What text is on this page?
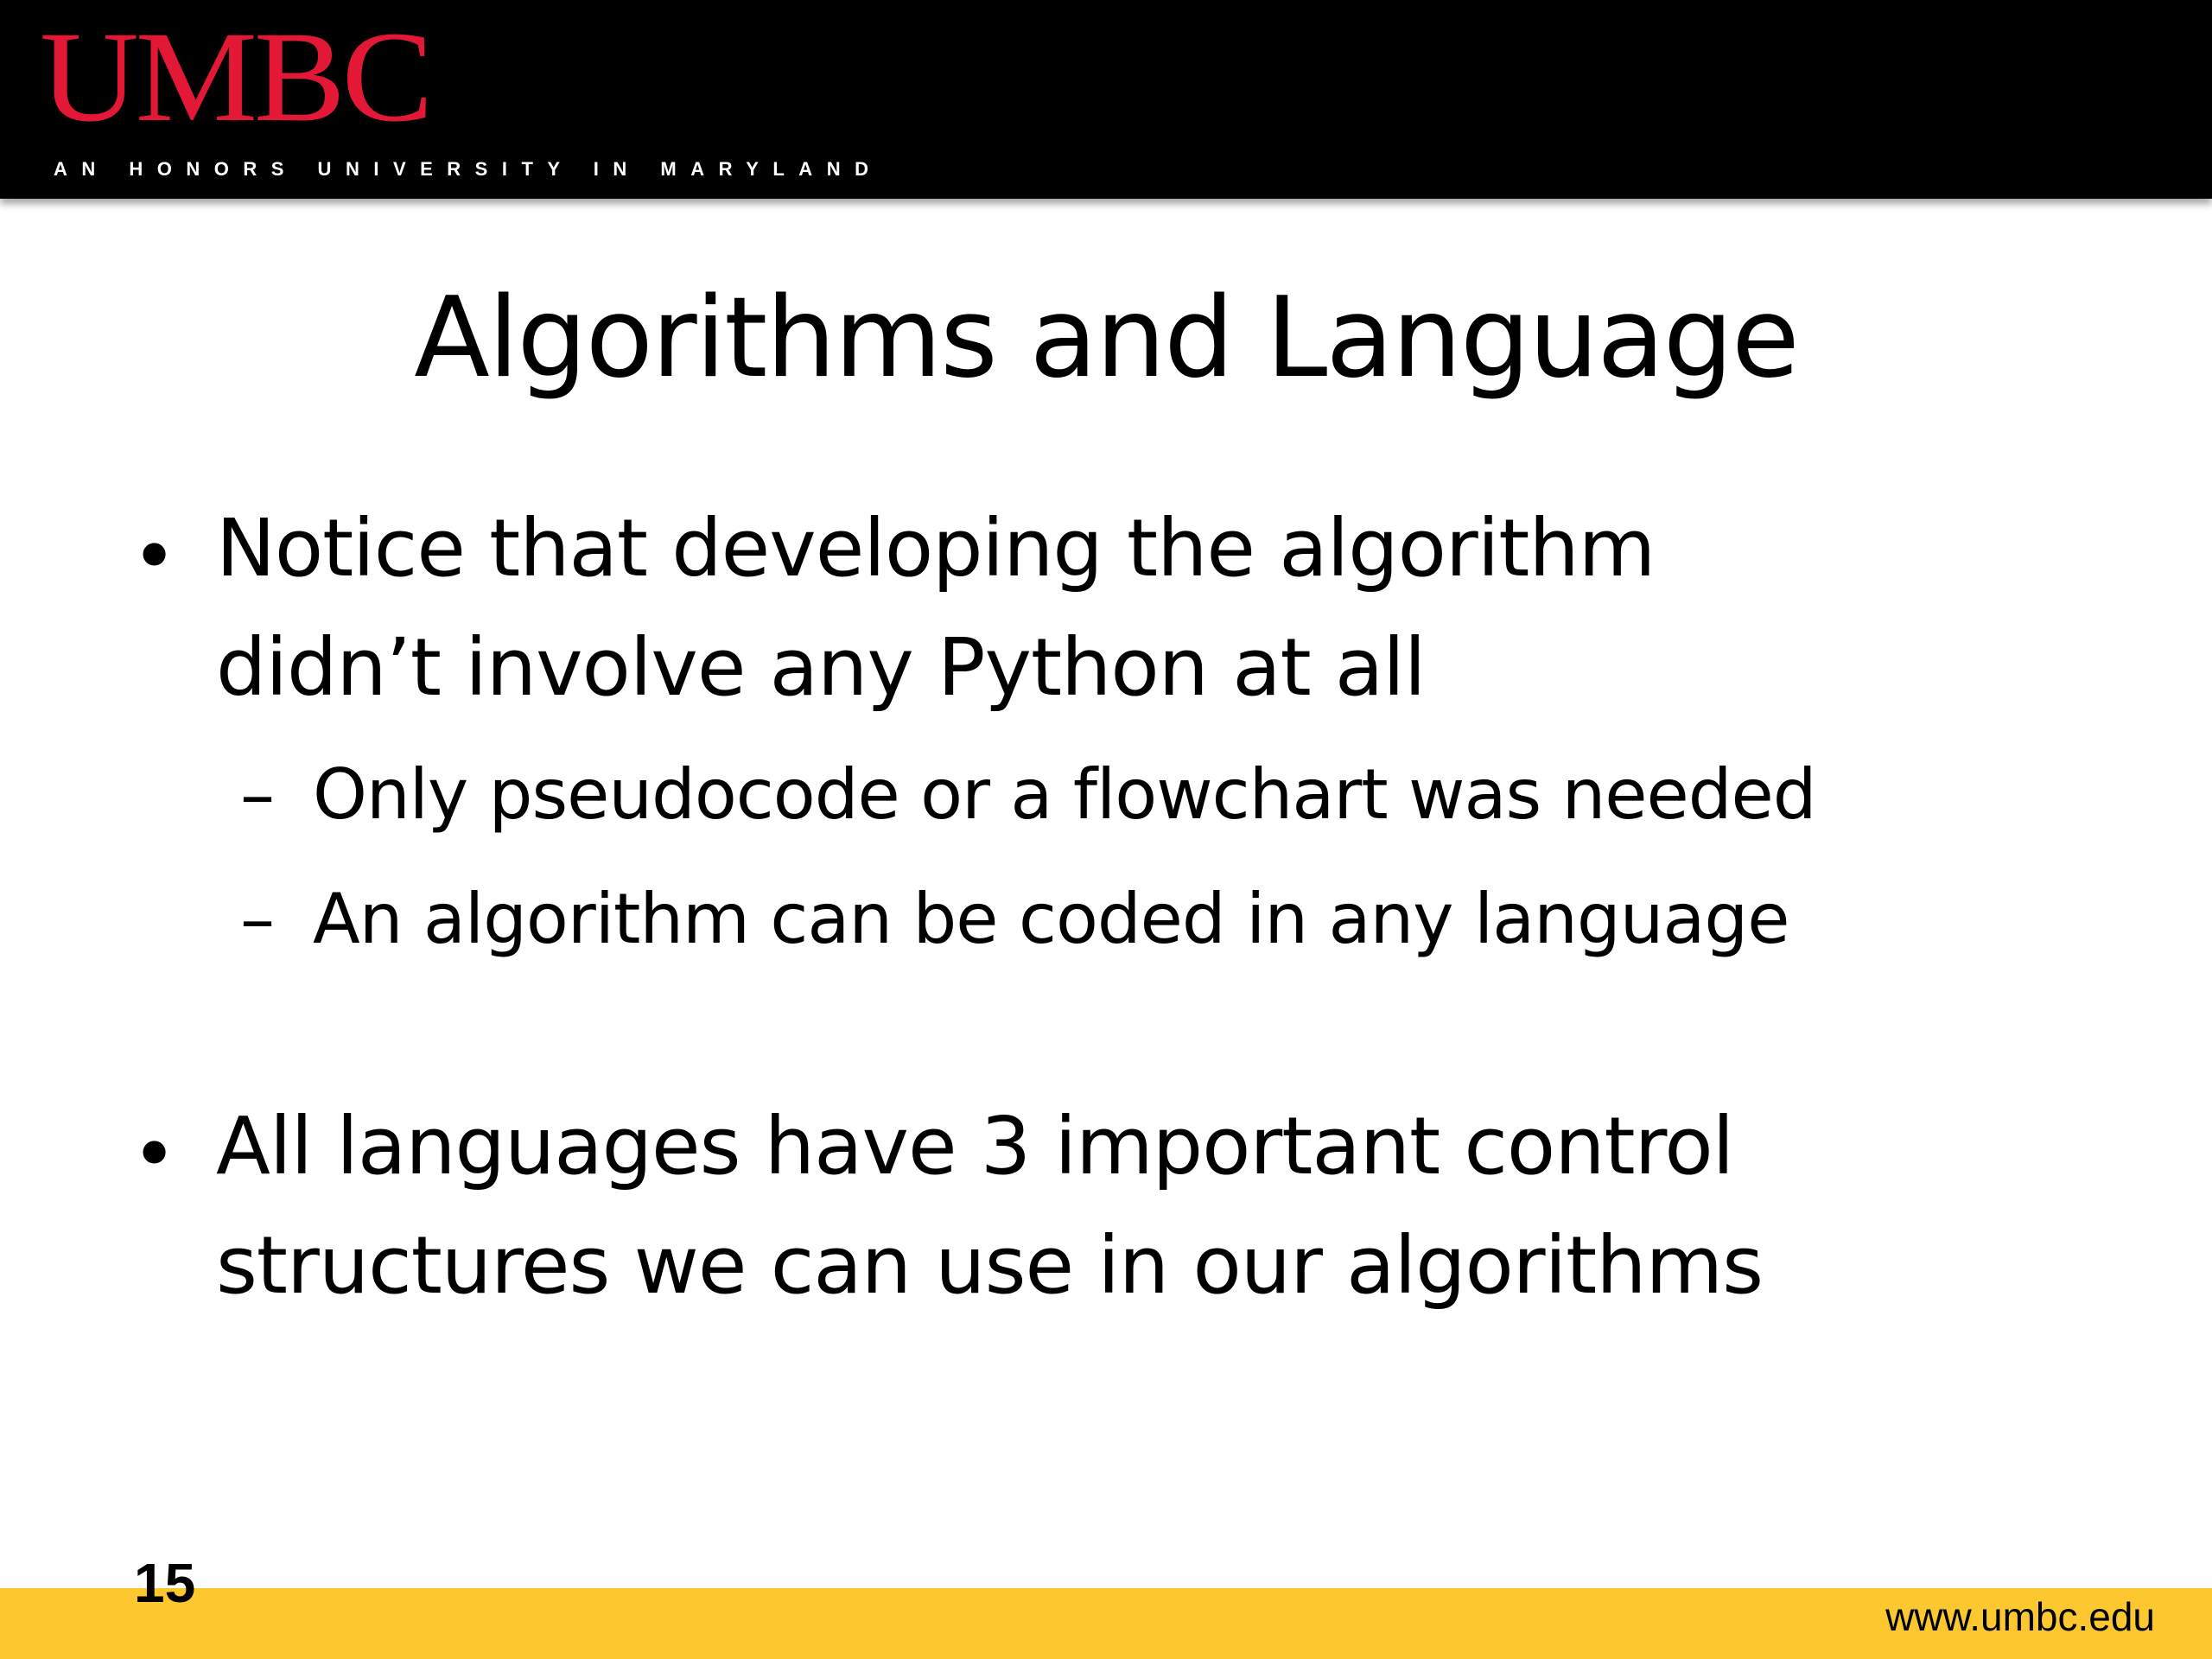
UMBC
AN HONORS UNIVERSITY IN MARYLAND
Algorithms and Language
• Notice that developing the algorithm
didn’t involve any Python at all
– Only pseudocode or a flowchart was needed
– An algorithm can be coded in any language
• All languages have 3 important control
structures we can use in our algorithms
15
www.umbc.edu
